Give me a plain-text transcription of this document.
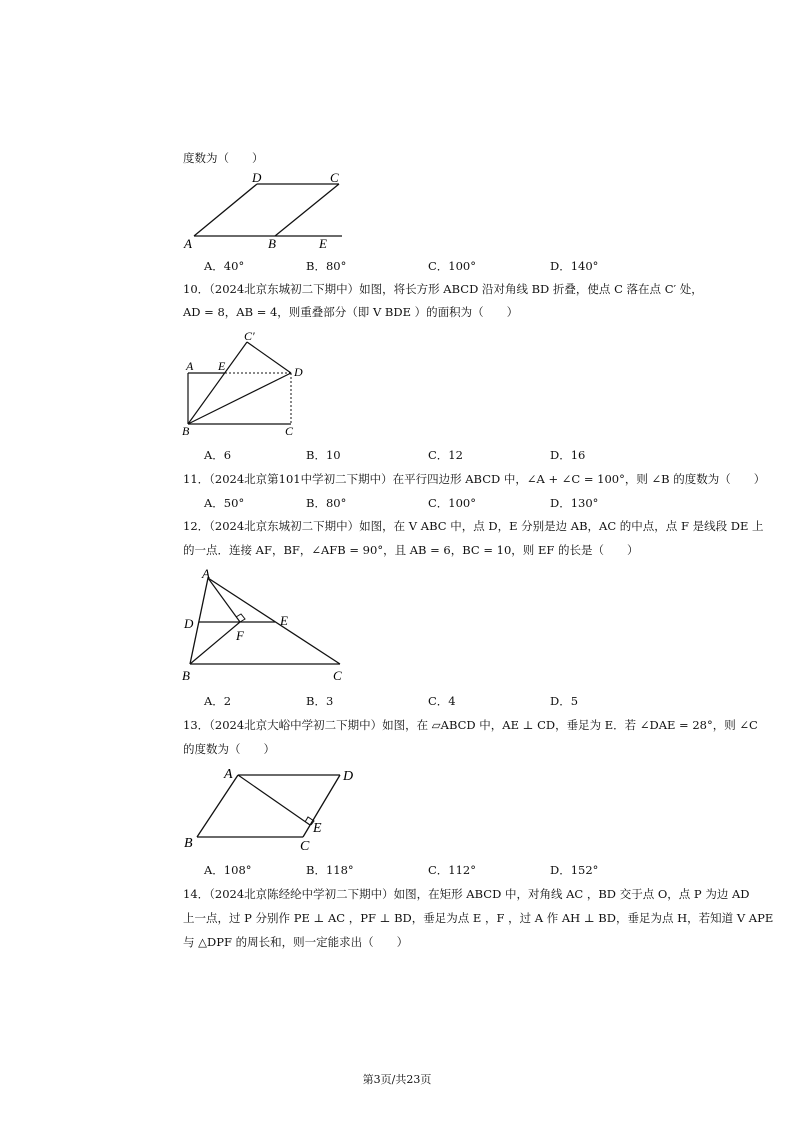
度数为（　　）
D	C
A	B	E
A．40°	B．80°	C．100°	D．140°
10．（2024北京东城初二下期中）如图，将长方形 ABCD 沿对角线 BD 折叠，使点 C 落在点 C′ 处，
AD = 8，AB = 4，则重叠部分（即 V BDE ）的面积为（　　）
C′
A E	D
B	C
A．6	B．10	C．12	D．16
11．（2024北京第101中学初二下期中）在平行四边形 ABCD 中，∠A + ∠C = 100°，则 ∠B 的度数为（　　）
A．50°	B．80°	C．100°	D．130°
12．（2024北京东城初二下期中）如图，在 V ABC 中，点 D，E 分别是边 AB，AC 的中点，点 F 是线段 DE 上
的一点．连接 AF，BF，∠AFB = 90°，且 AB = 6，BC = 10，则 EF 的长是（　　）
A
D	E
F
B	C
A．2	B．3	C．4	D．5
13．（2024北京大峪中学初二下期中）如图，在 ▱ABCD 中，AE ⊥ CD，垂足为 E．若 ∠DAE = 28°，则 ∠C
的度数为（　　）
A	D
B	C
E
A．108°	B．118°	C．112°	D．152°
14．（2024北京陈经纶中学初二下期中）如图，在矩形 ABCD 中，对角线 AC ，BD 交于点 O，点 P 为边 AD
上一点，过 P 分别作 PE ⊥ AC ，PF ⊥ BD，垂足为点 E ，F ，过 A 作 AH ⊥ BD，垂足为点 H，若知道 V APE
与 △DPF 的周长和，则一定能求出（　　）
第3页/共23页
